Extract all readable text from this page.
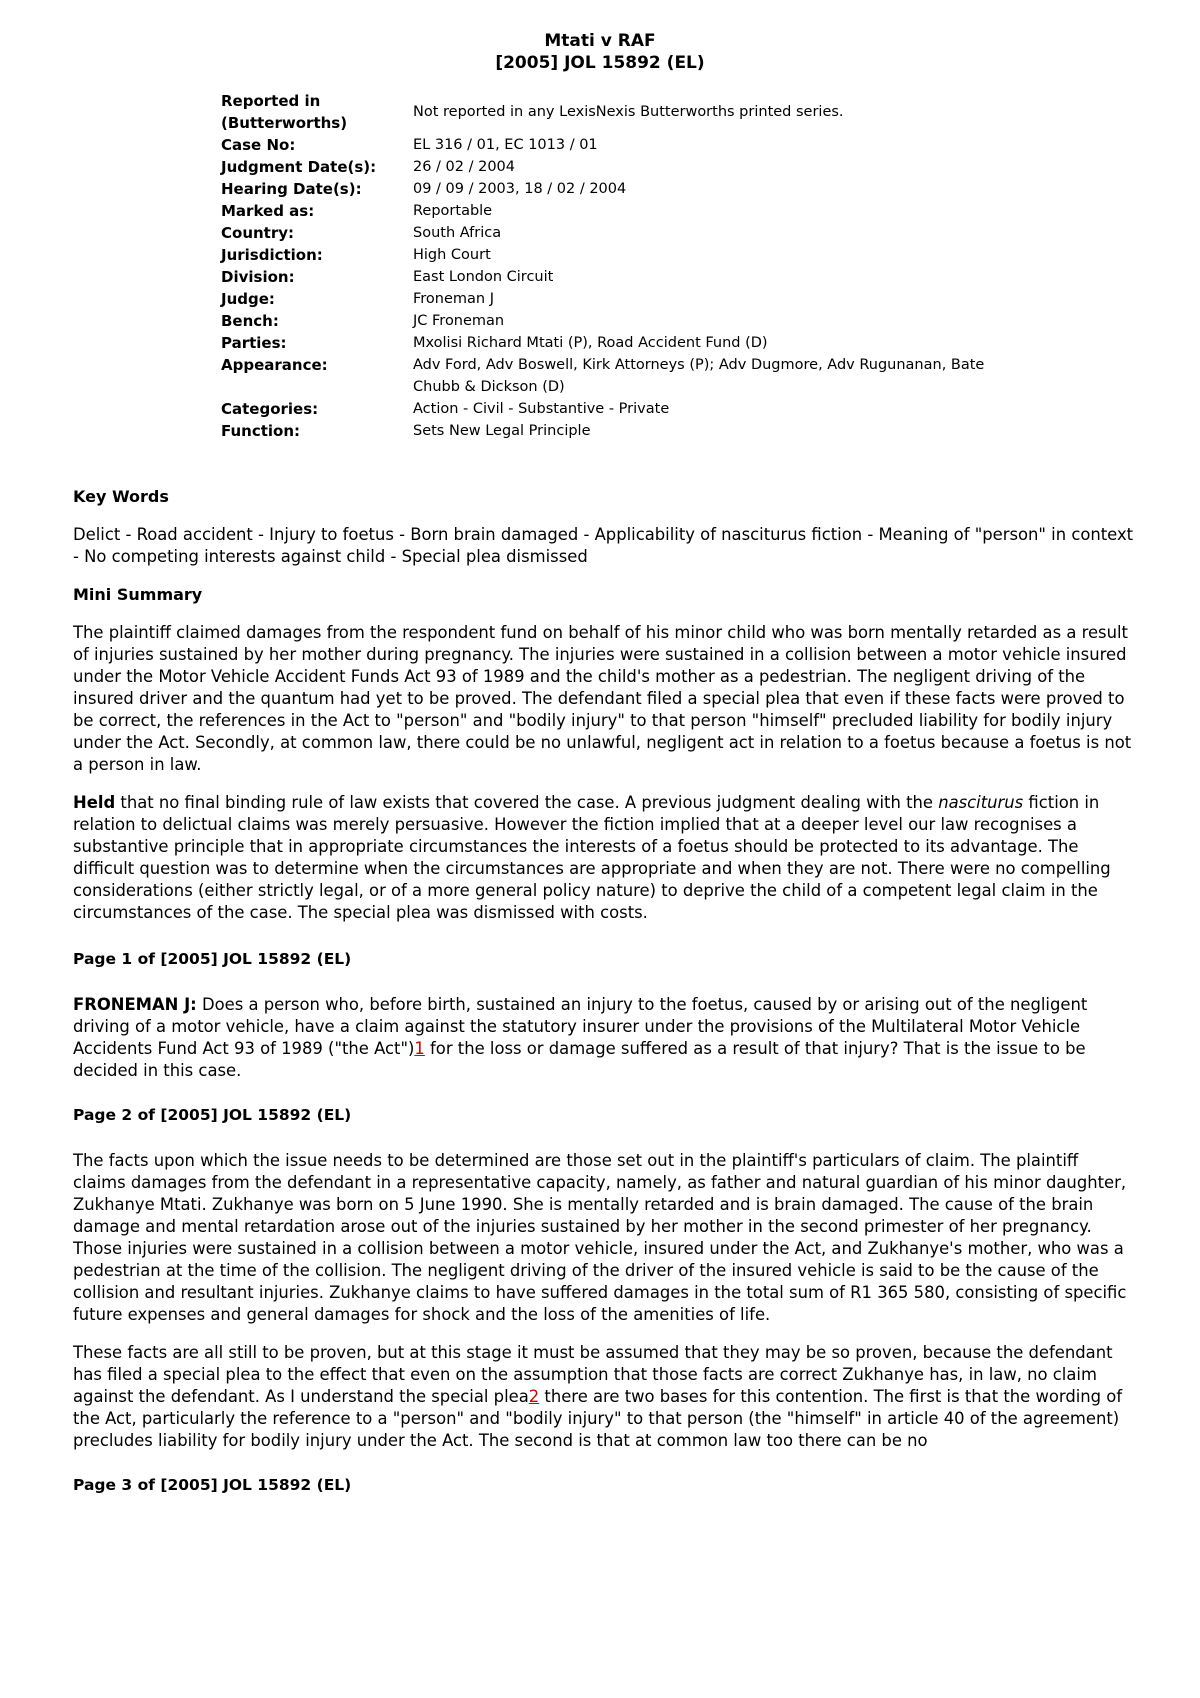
Mtati v RAF
[2005] JOL 15892 (EL)
Reported in (Butterworths)	Not reported in any LexisNexis Butterworths printed series.
Case No:	EL 316 / 01, EC 1013 / 01
Judgment Date(s):	26 / 02 / 2004
Hearing Date(s):	09 / 09 / 2003, 18 / 02 / 2004
Marked as:	Reportable
Country:	South Africa
Jurisdiction:	High Court
Division:	East London Circuit
Judge:	Froneman J
Bench:	JC Froneman
Parties:	Mxolisi Richard Mtati (P), Road Accident Fund (D)
Appearance:	Adv Ford, Adv Boswell, Kirk Attorneys (P); Adv Dugmore, Adv Rugunanan, Bate Chubb & Dickson (D)
Categories:	Action - Civil - Substantive - Private
Function:	Sets New Legal Principle
Key Words

Delict - Road accident - Injury to foetus - Born brain damaged - Applicability of nasciturus fiction - Meaning of "person" in context - No competing interests against child - Special plea dismissed

Mini Summary

The plaintiff claimed damages from the respondent fund on behalf of his minor child who was born mentally retarded as a result of injuries sustained by her mother during pregnancy. The injuries were sustained in a collision between a motor vehicle insured under the Motor Vehicle Accident Funds Act 93 of 1989 and the child's mother as a pedestrian. The negligent driving of the insured driver and the quantum had yet to be proved. The defendant filed a special plea that even if these facts were proved to be correct, the references in the Act to "person" and "bodily injury" to that person "himself" precluded liability for bodily injury under the Act. Secondly, at common law, there could be no unlawful, negligent act in relation to a foetus because a foetus is not a person in law.

Held that no final binding rule of law exists that covered the case. A previous judgment dealing with the nasciturus fiction in relation to delictual claims was merely persuasive. However the fiction implied that at a deeper level our law recognises a substantive principle that in appropriate circumstances the interests of a foetus should be protected to its advantage. The difficult question was to determine when the circumstances are appropriate and when they are not. There were no compelling considerations (either strictly legal, or of a more general policy nature) to deprive the child of a competent legal claim in the circumstances of the case. The special plea was dismissed with costs.

Page 1 of [2005] JOL 15892 (EL)

FRONEMAN J: Does a person who, before birth, sustained an injury to the foetus, caused by or arising out of the negligent driving of a motor vehicle, have a claim against the statutory insurer under the provisions of the Multilateral Motor Vehicle Accidents Fund Act 93 of 1989 ("the Act")1 for the loss or damage suffered as a result of that injury? That is the issue to be decided in this case.

Page 2 of [2005] JOL 15892 (EL)

The facts upon which the issue needs to be determined are those set out in the plaintiff's particulars of claim. The plaintiff claims damages from the defendant in a representative capacity, namely, as father and natural guardian of his minor daughter, Zukhanye Mtati. Zukhanye was born on 5 June 1990. She is mentally retarded and is brain damaged. The cause of the brain damage and mental retardation arose out of the injuries sustained by her mother in the second primester of her pregnancy. Those injuries were sustained in a collision between a motor vehicle, insured under the Act, and Zukhanye's mother, who was a pedestrian at the time of the collision. The negligent driving of the driver of the insured vehicle is said to be the cause of the collision and resultant injuries. Zukhanye claims to have suffered damages in the total sum of R1 365 580, consisting of specific future expenses and general damages for shock and the loss of the amenities of life.

These facts are all still to be proven, but at this stage it must be assumed that they may be so proven, because the defendant has filed a special plea to the effect that even on the assumption that those facts are correct Zukhanye has, in law, no claim against the defendant. As I understand the special plea2 there are two bases for this contention. The first is that the wording of the Act, particularly the reference to a "person" and "bodily injury" to that person (the "himself" in article 40 of the agreement) precludes liability for bodily injury under the Act. The second is that at common law too there can be no

Page 3 of [2005] JOL 15892 (EL)
